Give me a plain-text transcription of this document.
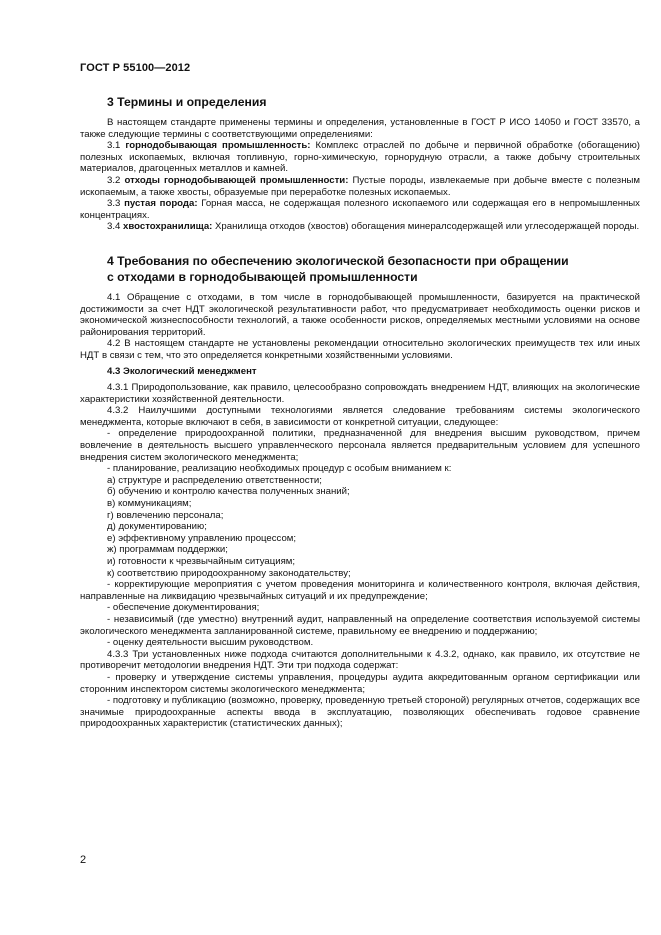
ГОСТ Р 55100—2012
3 Термины и определения

В настоящем стандарте применены термины и определения, установленные в ГОСТ Р ИСО 14050 и ГОСТ 33570, а также следующие термины с соответствующими определениями:

3.1 горнодобывающая промышленность: Комплекс отраслей по добыче и первичной обработке (обогащению) полезных ископаемых, включая топливную, горно-химическую, горнорудную отрасли, а также добычу строительных материалов, драгоценных металлов и камней.

3.2 отходы горнодобывающей промышленности: Пустые породы, извлекаемые при добыче вместе с полезным ископаемым, а также хвосты, образуемые при переработке полезных ископаемых.

3.3 пустая порода: Горная масса, не содержащая полезного ископаемого или содержащая его в непромышленных концентрациях.

3.4 хвостохранилища: Хранилища отходов (хвостов) обогащения минералсодержащей или углесодержащей породы.

4 Требования по обеспечению экологической безопасности при обращении
с отходами в горнодобывающей промышленности

4.1 Обращение с отходами, в том числе в горнодобывающей промышленности, базируется на практической достижимости за счет НДТ экологической результативности работ, что предусматривает необходимость оценки рисков и экономической жизнеспособности технологий, а также особенности рисков, определяемых местными условиями на основе районирования территорий.

4.2 В настоящем стандарте не установлены рекомендации относительно экологических преимуществ тех или иных НДТ в связи с тем, что это определяется конкретными хозяйственными условиями.

4.3 Экологический менеджмент

4.3.1 Природопользование, как правило, целесообразно сопровождать внедрением НДТ, влияющих на экологические характеристики хозяйственной деятельности.

4.3.2 Наилучшими доступными технологиями является следование требованиям системы экологического менеджмента, которые включают в себя, в зависимости от конкретной ситуации, следующее:

- определение природоохранной политики, предназначенной для внедрения высшим руководством, причем вовлечение в деятельность высшего управленческого персонала является предварительным условием для успешного внедрения систем экологического менеджмента;

- планирование, реализацию необходимых процедур с особым вниманием к:

а) структуре и распределению ответственности;

б) обучению и контролю качества полученных знаний;

в) коммуникациям;

г) вовлечению персонала;

д) документированию;

е) эффективному управлению процессом;

ж) программам поддержки;

и) готовности к чрезвычайным ситуациям;

к) соответствию природоохранному законодательству;

- корректирующие мероприятия с учетом проведения мониторинга и количественного контроля, включая действия, направленные на ликвидацию чрезвычайных ситуаций и их предупреждение;

- обеспечение документирования;

- независимый (где уместно) внутренний аудит, направленный на определение соответствия используемой системы экологического менеджмента запланированной системе, правильному ее внедрению и поддержанию;

- оценку деятельности высшим руководством.

4.3.3 Три установленных ниже подхода считаются дополнительными к 4.3.2, однако, как правило, их отсутствие не противоречит методологии внедрения НДТ. Эти три подхода содержат:

- проверку и утверждение системы управления, процедуры аудита аккредитованным органом сертификации или сторонним инспектором системы экологического менеджмента;

- подготовку и публикацию (возможно, проверку, проведенную третьей стороной) регулярных отчетов, содержащих все значимые природоохранные аспекты ввода в эксплуатацию, позволяющих обеспечивать годовое сравнение природоохранных характеристик (статистических данных);

2
